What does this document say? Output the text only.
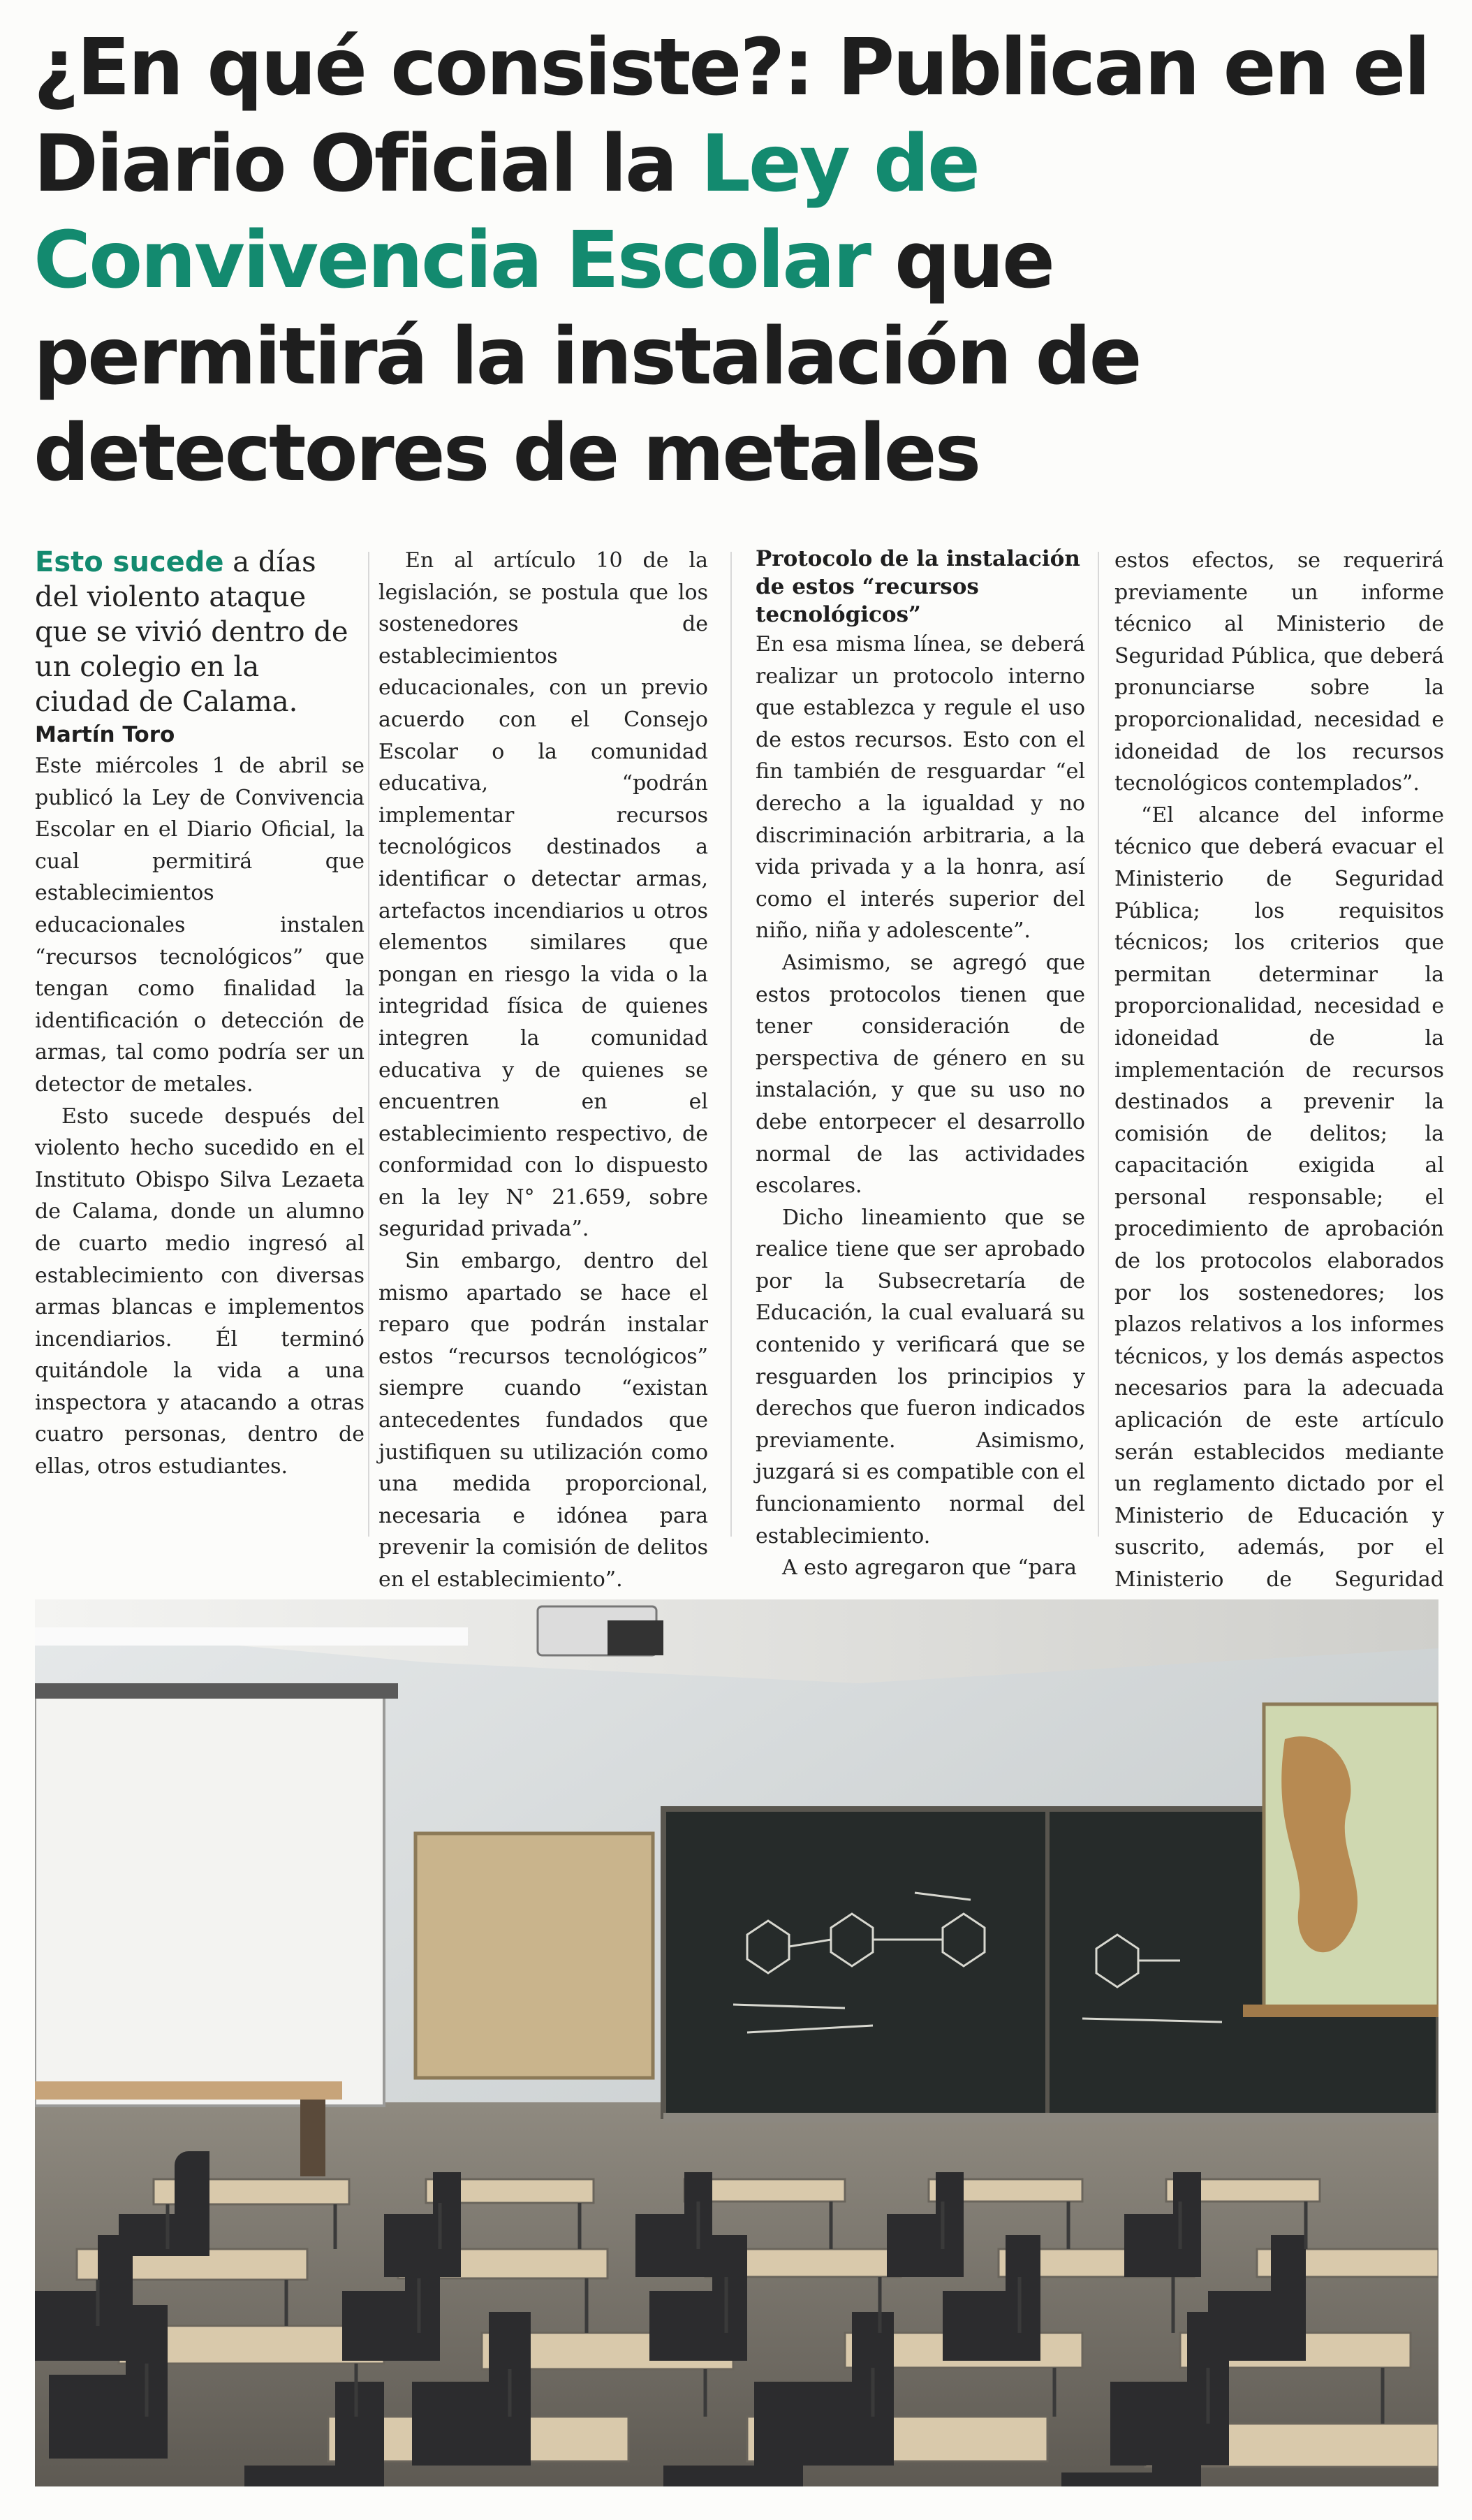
¿En qué consiste?: Publican en el Diario Oficial la Ley de Convivencia Escolar que permitirá la instalación de detectores de metales

Esto sucede a días del violento ataque que se vivió dentro de un colegio en la ciudad de Calama.

Martín Toro

Este miércoles 1 de abril se publicó la Ley de Convivencia Escolar en el Diario Oficial, la cual permitirá que establecimientos educacionales instalen “recursos tecnológicos” que tengan como finalidad la identificación o detección de armas, tal como podría ser un detector de metales.

Esto sucede después del violento hecho sucedido en el Instituto Obispo Silva Lezaeta de Calama, donde un alumno de cuarto medio ingresó al establecimiento con diversas armas blancas e implementos incendiarios. Él terminó quitándole la vida a una inspectora y atacando a otras cuatro personas, dentro de ellas, otros estudiantes.

En al artículo 10 de la legislación, se postula que los sostenedores de establecimientos educacionales, con un previo acuerdo con el Consejo Escolar o la comunidad educativa, “podrán implementar recursos tecnológicos destinados a identificar o detectar armas, artefactos incendiarios u otros elementos similares que pongan en riesgo la vida o la integridad física de quienes integren la comunidad educativa y de quienes se encuentren en el establecimiento respectivo, de conformidad con lo dispuesto en la ley N° 21.659, sobre seguridad privada”.

Sin embargo, dentro del mismo apartado se hace el reparo que podrán instalar estos “recursos tecnológicos” siempre cuando “existan antecedentes fundados que justifiquen su utilización como una medida proporcional, necesaria e idónea para prevenir la comisión de delitos en el establecimiento”.

Protocolo de la instalación de estos “recursos tecnológicos”

En esa misma línea, se deberá realizar un protocolo interno que establezca y regule el uso de estos recursos. Esto con el fin también de resguardar “el derecho a la igualdad y no discriminación arbitraria, a la vida privada y a la honra, así como el interés superior del niño, niña y adolescente”.

Asimismo, se agregó que estos protocolos tienen que tener consideración de perspectiva de género en su instalación, y que su uso no debe entorpecer el desarrollo normal de las actividades escolares.

Dicho lineamiento que se realice tiene que ser aprobado por la Subsecretaría de Educación, la cual evaluará su contenido y verificará que se resguarden los principios y derechos que fueron indicados previamente. Asimismo, juzgará si es compatible con el funcionamiento normal del establecimiento.

A esto agregaron que “para

estos efectos, se requerirá previamente un informe técnico al Ministerio de Seguridad Pública, que deberá pronunciarse sobre la proporcionalidad, necesidad e idoneidad de los recursos tecnológicos contemplados”.

“El alcance del informe técnico que deberá evacuar el Ministerio de Seguridad Pública; los requisitos técnicos; los criterios que permitan determinar la proporcionalidad, necesidad e idoneidad de la implementación de recursos destinados a prevenir la comisión de delitos; la capacitación exigida al personal responsable; el procedimiento de aprobación de los protocolos elaborados por los sostenedores; los plazos relativos a los informes técnicos, y los demás aspectos necesarios para la adecuada aplicación de este artículo serán establecidos mediante un reglamento dictado por el Ministerio de Educación y suscrito, además, por el Ministerio de Seguridad
